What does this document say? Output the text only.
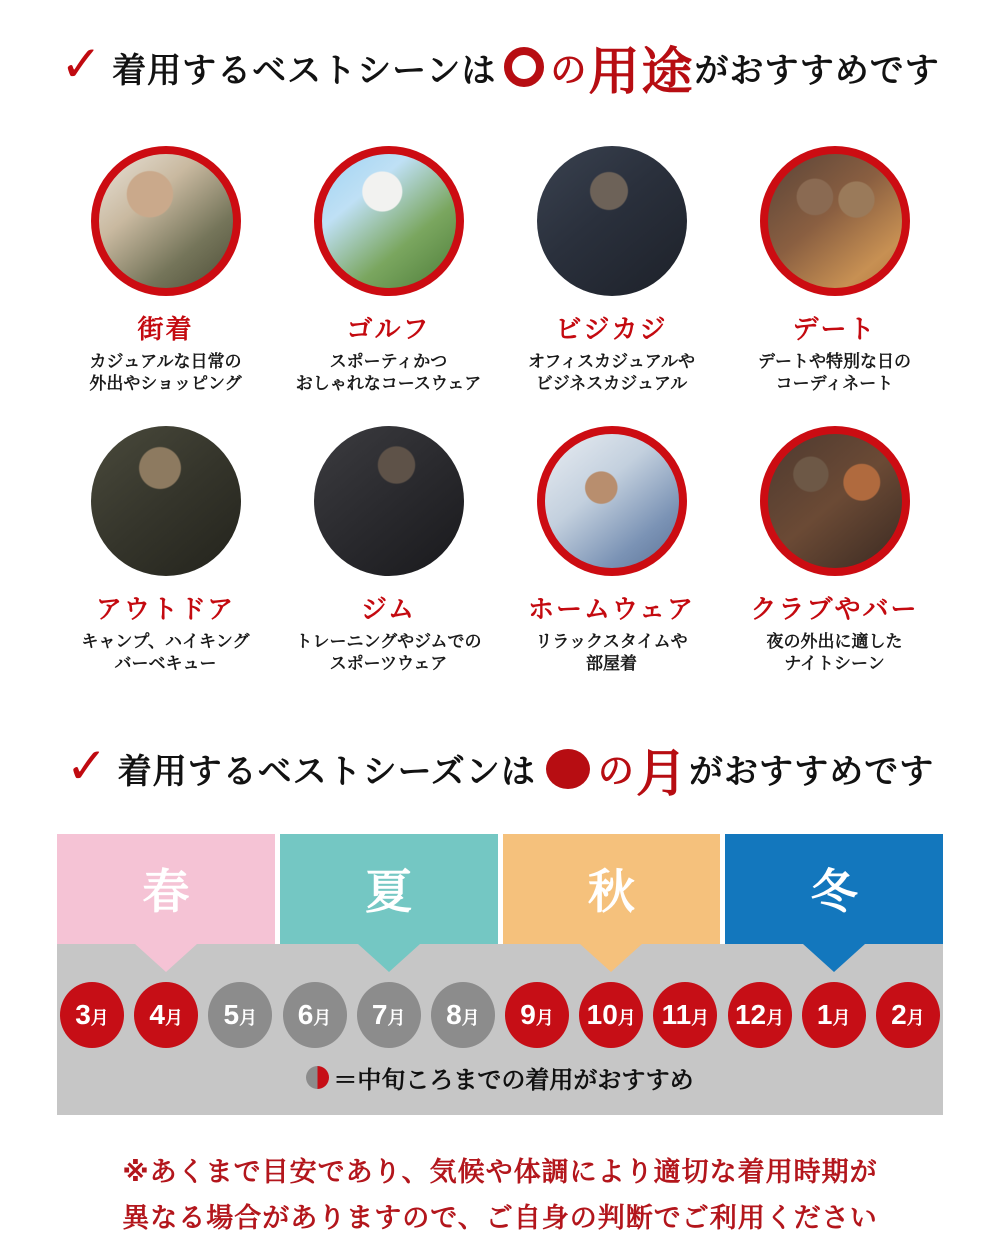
✓ 着用するベストシーンは の 用途 がおすすめです
街着
カジュアルな日常の
外出やショッピング
ゴルフ
スポーティかつ
おしゃれなコースウェア
ビジカジ
オフィスカジュアルや
ビジネスカジュアル
デート
デートや特別な日の
コーディネート
アウトドア
キャンプ、ハイキング
バーベキュー
ジム
トレーニングやジムでの
スポーツウェア
ホームウェア
リラックスタイムや
部屋着
クラブやバー
夜の外出に適した
ナイトシーン
✓ 着用するベストシーズンは の 月 がおすすめです
春	夏	秋	冬
3 月 4 月 5 月 6 月 7 月 8 月 9 月 10 月 11 月 12 月 1 月 2 月
＝中旬ころまでの着用がおすすめ
※あくまで目安であり、気候や体調により適切な着用時期が
異なる場合がありますので、ご自身の判断でご利用ください
